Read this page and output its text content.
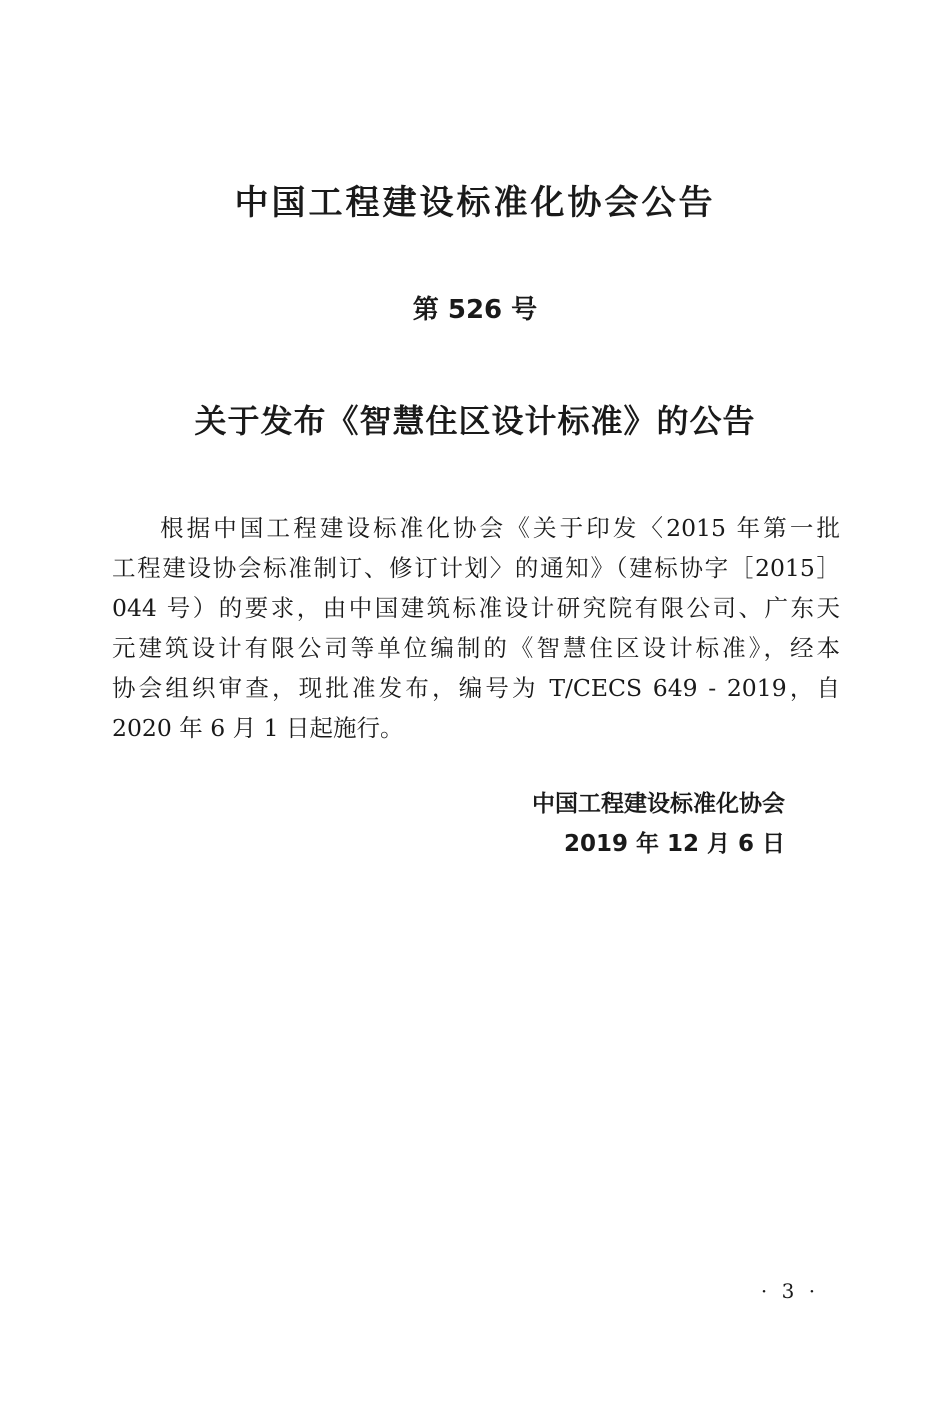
中国工程建设标准化协会公告
第 526 号
关于发布《智慧住区设计标准》的公告
根据中国工程建设标准化协会《关于印发〈2015 年第一批
工程建设协会标准制订、修订计划〉的通知》（建标协字［2015］
044 号）的要求，由中国建筑标准设计研究院有限公司、广东天
元建筑设计有限公司等单位编制的《智慧住区设计标准》，经本
协会组织审查，现批准发布，编号为 T/CECS 649 - 2019，自
2020 年 6 月 1 日起施行。
中国工程建设标准化协会
2019 年 12 月 6 日
· 3 ·
